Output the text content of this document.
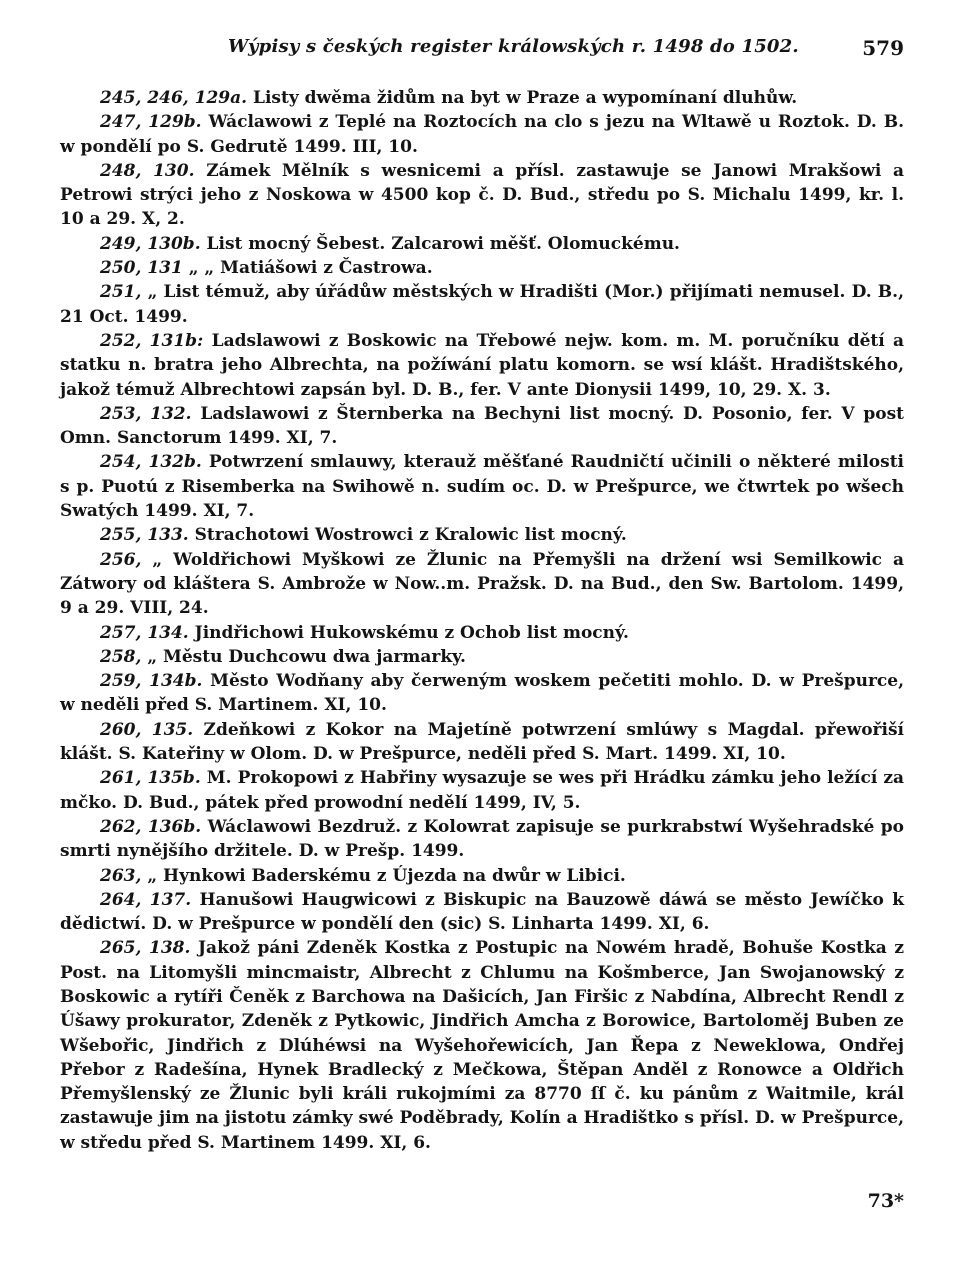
Wýpisy s českých register králowských r. 1498 do 1502.	579

245, 246, 129a. Listy dwěma židům na byt w Praze a wypomínaní dluhůw.

247, 129b. Wáclawowi z Teplé na Roztocích na clo s jezu na Wltawě u Roztok. D. B. w pondělí po S. Gedrutě 1499. III, 10.

248, 130. Zámek Mělník s wesnicemi a přísl. zastawuje se Janowi Mrakšowi a Petrowi strýci jeho z Noskowa w 4500 kop č. D. Bud., středu po S. Michalu 1499, kr. l. 10 a 29. X, 2.

249, 130b. List mocný Šebest. Zalcarowi měšť. Olomuckému.

250, 131 „ „ Matiášowi z Častrowa.

251, „ List témuž, aby úřádůw městských w Hradišti (Mor.) přijímati nemusel. D. B., 21 Oct. 1499.

252, 131b: Ladslawowi z Boskowic na Třebowé nejw. kom. m. M. poručníku dětí a statku n. bratra jeho Albrechta, na požíwání platu komorn. se wsí klášt. Hradištského, jakož témuž Albrechtowi zapsán byl. D. B., fer. V ante Dionysii 1499, 10, 29. X. 3.

253, 132. Ladslawowi z Šternberka na Bechyni list mocný. D. Posonio, fer. V post Omn. Sanctorum 1499. XI, 7.

254, 132b. Potwrzení smlauwy, kterauž měšťané Raudničtí učinili o některé milosti s p. Puotú z Risemberka na Swihowě n. sudím oc. D. w Prešpurce, we čtwrtek po wšech Swatých 1499. XI, 7.

255, 133. Strachotowi Wostrowci z Kralowic list mocný.

256, „ Woldřichowi Myškowi ze Žlunic na Přemyšli na držení wsi Semilkowic a Zátwory od kláštera S. Ambrože w Now..m. Pražsk. D. na Bud., den Sw. Bartolom. 1499, 9 a 29. VIII, 24.

257, 134. Jindřichowi Hukowskému z Ochob list mocný.

258, „ Městu Duchcowu dwa jarmarky.

259, 134b. Město Wodňany aby čerweným woskem pečetiti mohlo. D. w Prešpurce, w neděli před S. Martinem. XI, 10.

260, 135. Zdeňkowi z Kokor na Majetíně potwrzení smlúwy s Magdal. přewořiší klášt. S. Kateřiny w Olom. D. w Prešpurce, neděli před S. Mart. 1499. XI, 10.

261, 135b. M. Prokopowi z Habřiny wysazuje se wes při Hrádku zámku jeho ležící za mčko. D. Bud., pátek před prowodní nedělí 1499, IV, 5.

262, 136b. Wáclawowi Bezdruž. z Kolowrat zapisuje se purkrabstwí Wyšehradské po smrti nynějšího držitele. D. w Prešp. 1499.

263, „ Hynkowi Baderskému z Újezda na dwůr w Libici.

264, 137. Hanušowi Haugwicowi z Biskupic na Bauzowě dáwá se město Jewíčko k dědictwí. D. w Prešpurce w pondělí den (sic) S. Linharta 1499. XI, 6.

265, 138. Jakož páni Zdeněk Kostka z Postupic na Nowém hradě, Bohuše Kostka z Post. na Litomyšli mincmaistr, Albrecht z Chlumu na Košmberce, Jan Swojanowský z Boskowic a rytíři Čeněk z Barchowa na Dašicích, Jan Firšic z Nabdína, Albrecht Rendl z Úšawy prokurator, Zdeněk z Pytkowic, Jindřich Amcha z Borowice, Bartoloměj Buben ze Wšebořic, Jindřich z Dlúhéwsi na Wyšehořewicích, Jan Řepa z Neweklowa, Ondřej Přebor z Radešína, Hynek Bradlecký z Mečkowa, Štěpan Anděl z Ronowce a Oldřich Přemyšlenský ze Žlunic byli králi rukojmími za 8770 ſſ č. ku pánům z Waitmile, král zastawuje jim na jistotu zámky swé Poděbrady, Kolín a Hradištko s přísl. D. w Prešpurce, w středu před S. Martinem 1499. XI, 6.

73*
